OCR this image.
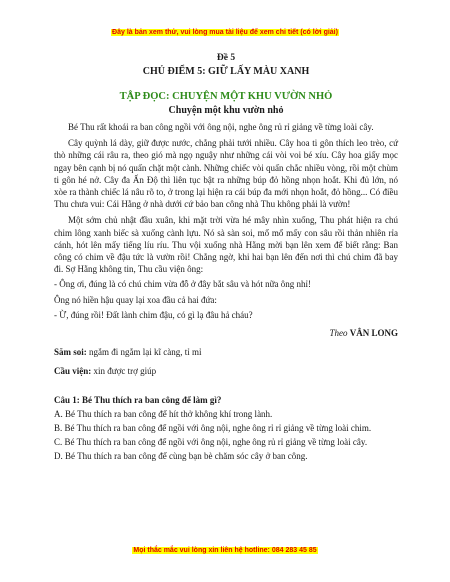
Đây là bản xem thử, vui lòng mua tài liệu để xem chi tiết (có lời giải)
Đề 5
CHỦ ĐIỂM 5: GIỮ LẤY MÀU XANH
TẬP ĐỌC: CHUYỆN MỘT KHU VƯỜN NHỎ
Chuyện một khu vườn nhỏ

Bé Thu rất khoái ra ban công ngồi với ông nội, nghe ông rủ rỉ giảng về từng loài cây.

Cây quỳnh lá dày, giữ được nước, chẳng phải tưới nhiều. Cây hoa ti gôn thích leo trèo, cứ thò những cái râu ra, theo gió mà ngọ nguậy như những cái vòi voi bé xíu. Cây hoa giấy mọc ngay bên cạnh bị nó quấn chặt một cành. Những chiếc vòi quấn chắc nhiều vòng, rồi một chùm ti gôn hé nở. Cây đa Ấn Độ thì liên tục bật ra những búp đỏ hồng nhọn hoắt. Khi đủ lớn, nó xòe ra thành chiếc lá nâu rõ to, ở trong lại hiện ra cái búp đa mới nhọn hoắt, đỏ hồng... Có điều Thu chưa vui: Cái Hằng ở nhà dưới cứ bảo ban công nhà Thu không phải là vườn!

Một sớm chủ nhật đầu xuân, khi mặt trời vừa hé mây nhìn xuống, Thu phát hiện ra chú chim lông xanh biếc sà xuống cành lựu. Nó sà sàn soi, mổ mổ mấy con sâu rồi thản nhiên rỉa cánh, hót lên mấy tiếng líu ríu. Thu vội xuống nhà Hằng mời bạn lên xem để biết rằng: Ban công có chim về đậu tức là vườn rồi! Chẳng ngờ, khi hai bạn lên đến nơi thì chú chim đã bay đi. Sợ Hằng không tin, Thu cầu viện ông:

- Ông ơi, đúng là có chú chim vừa đỗ ở đây bắt sâu và hót nữa ông nhỉ!

Ông nó hiền hậu quay lại xoa đầu cả hai đứa:

- Ừ, đúng rồi! Đất lành chim đậu, có gì lạ đâu hả cháu?

Theo VÂN LONG

Săm soi: ngắm đi ngắm lại kĩ càng, tỉ mỉ

Cầu viện: xin được trợ giúp

Câu 1: Bé Thu thích ra ban công để làm gì?

A. Bé Thu thích ra ban công để hít thở không khí trong lành.

B. Bé Thu thích ra ban công để ngồi với ông nội, nghe ông rỉ rỉ giảng về từng loài chim.

C. Bé Thu thích ra ban công để ngồi với ông nội, nghe ông rủ rỉ giảng về từng loài cây.

D. Bé Thu thích ra ban công để cùng bạn bè chăm sóc cây ở ban công.

Mọi thắc mắc vui lòng xin liên hệ hotline: 084 283 45 85
